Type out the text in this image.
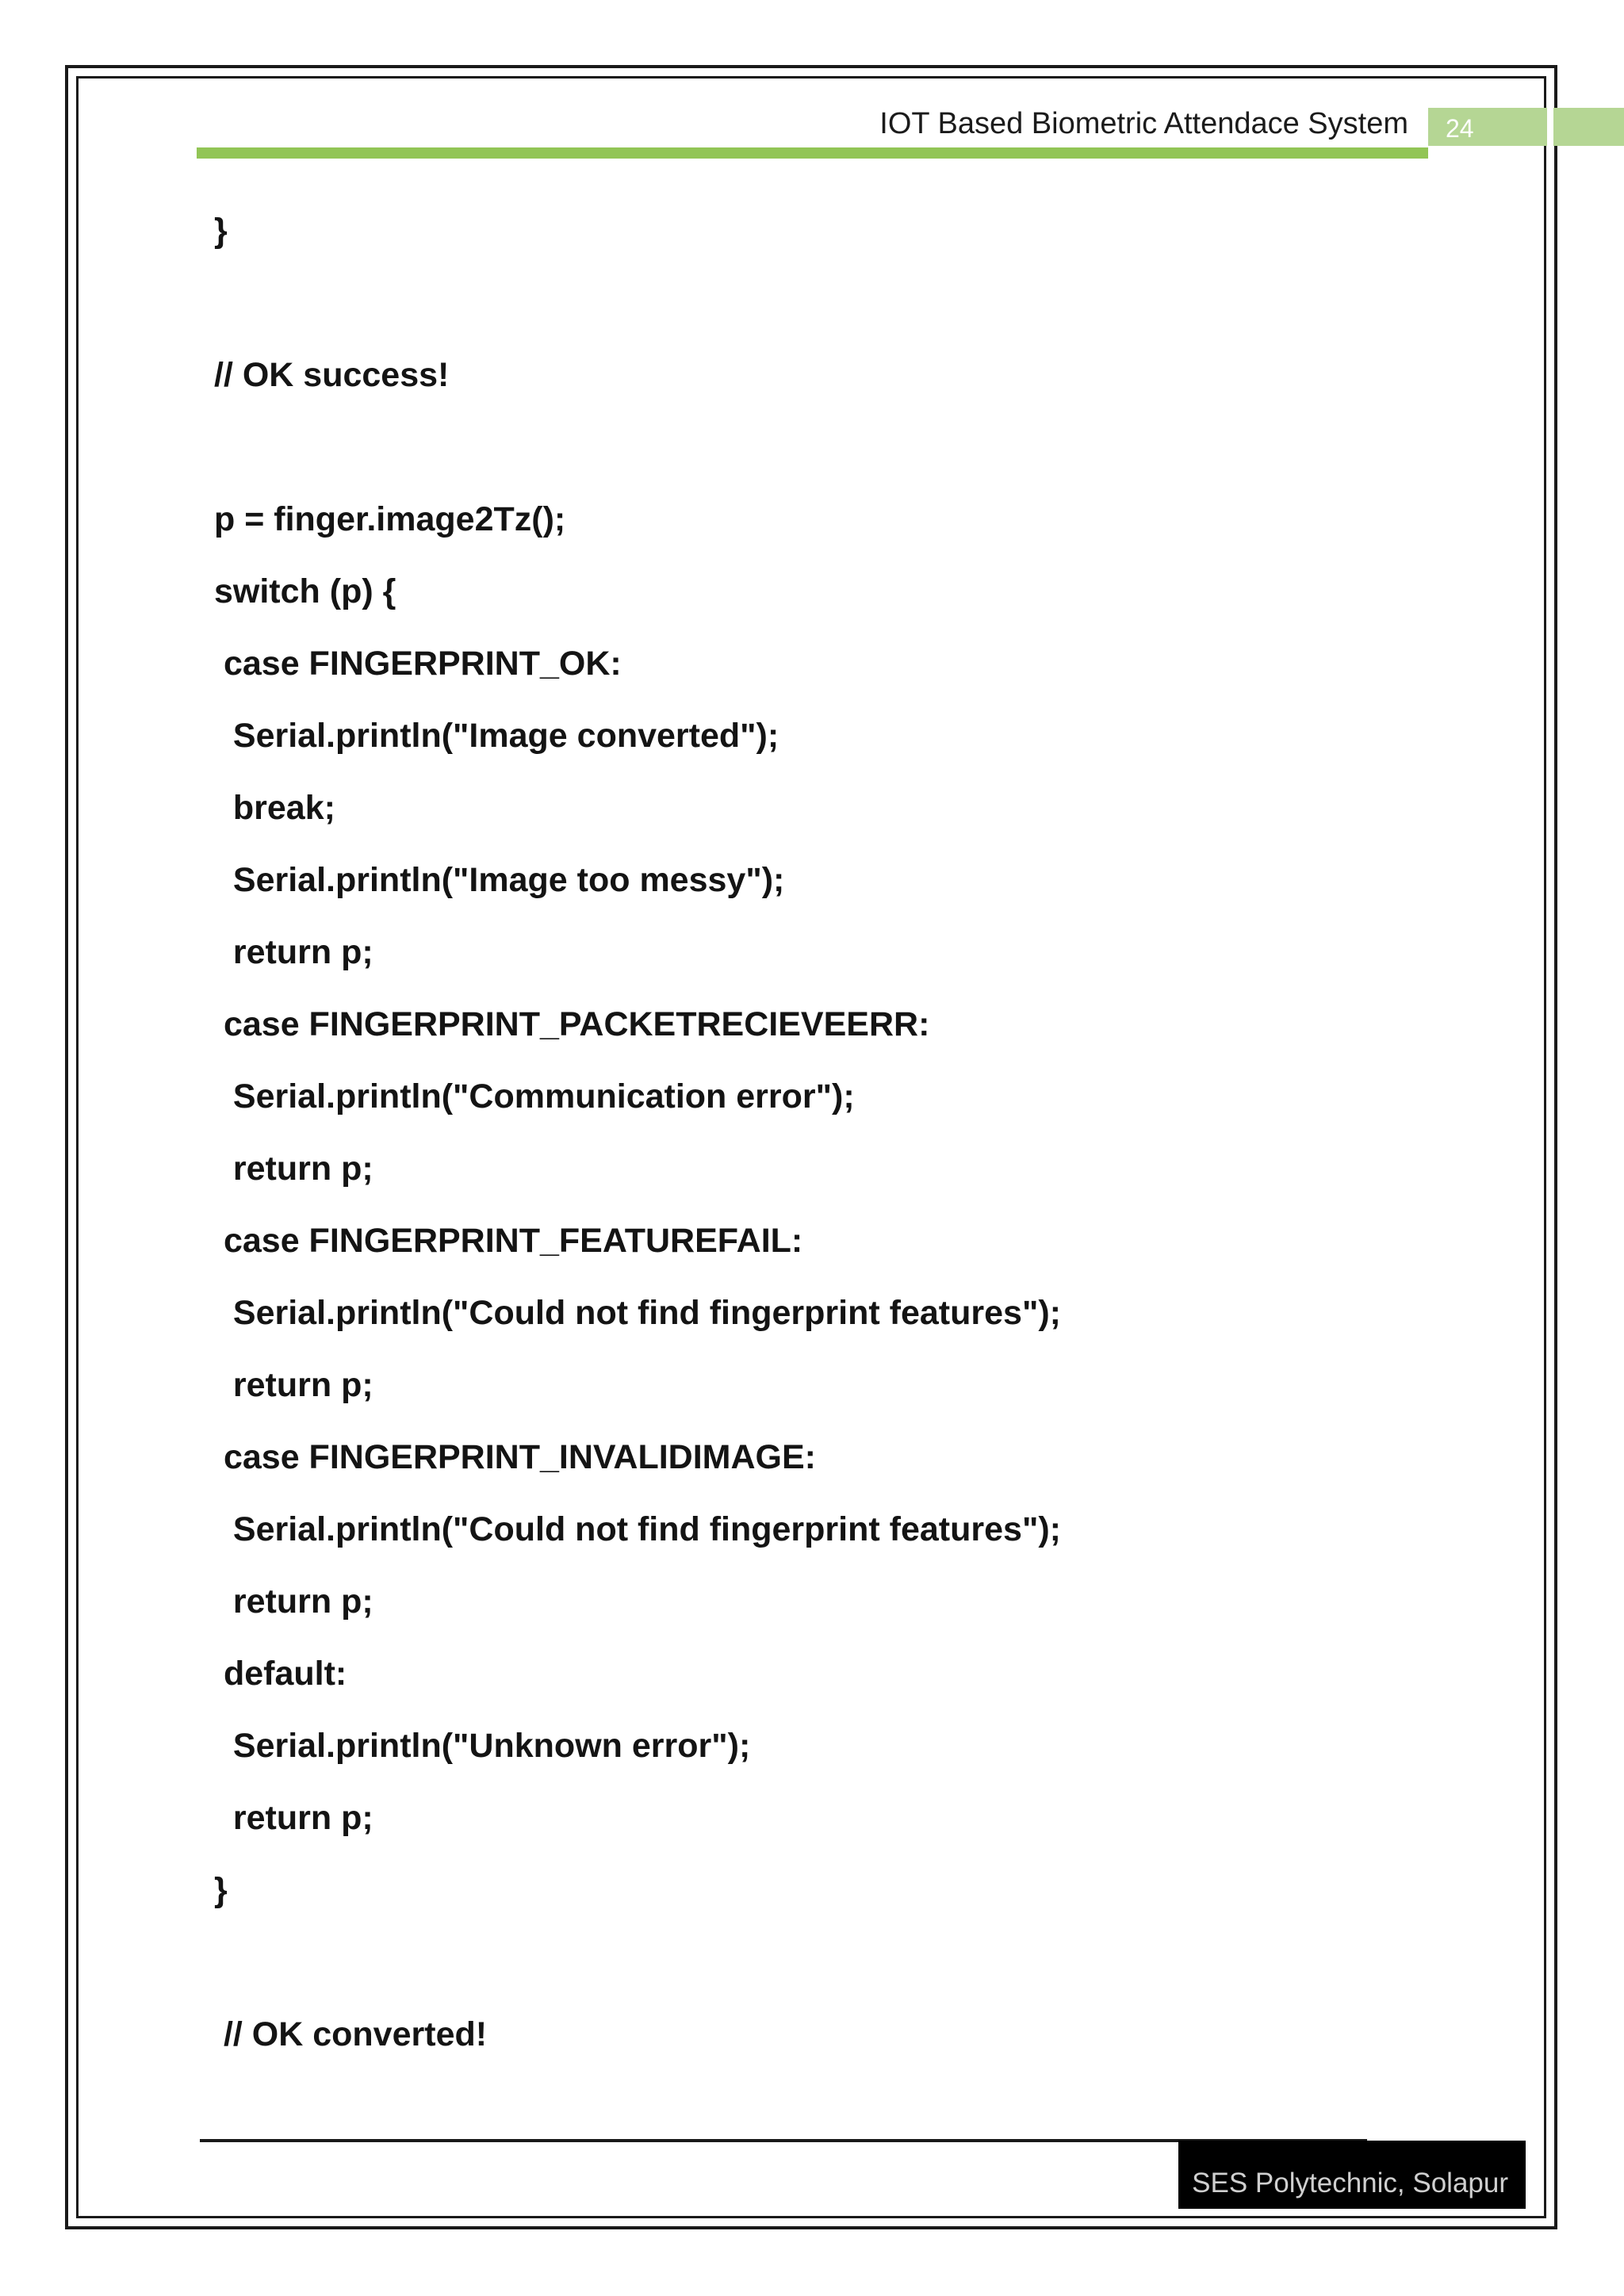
IOT Based Biometric Attendace System	24
}
// OK success!
p = finger.image2Tz();
switch (p) {
case FINGERPRINT_OK:
Serial.println("Image converted");
break;
Serial.println("Image too messy");
return p;
case FINGERPRINT_PACKETRECIEVEERR:
Serial.println("Communication error");
return p;
case FINGERPRINT_FEATUREFAIL:
Serial.println("Could not find fingerprint features");
return p;
case FINGERPRINT_INVALIDIMAGE:
Serial.println("Could not find fingerprint features");
return p;
default:
Serial.println("Unknown error");
return p;
}
// OK converted!
SES Polytechnic, Solapur
